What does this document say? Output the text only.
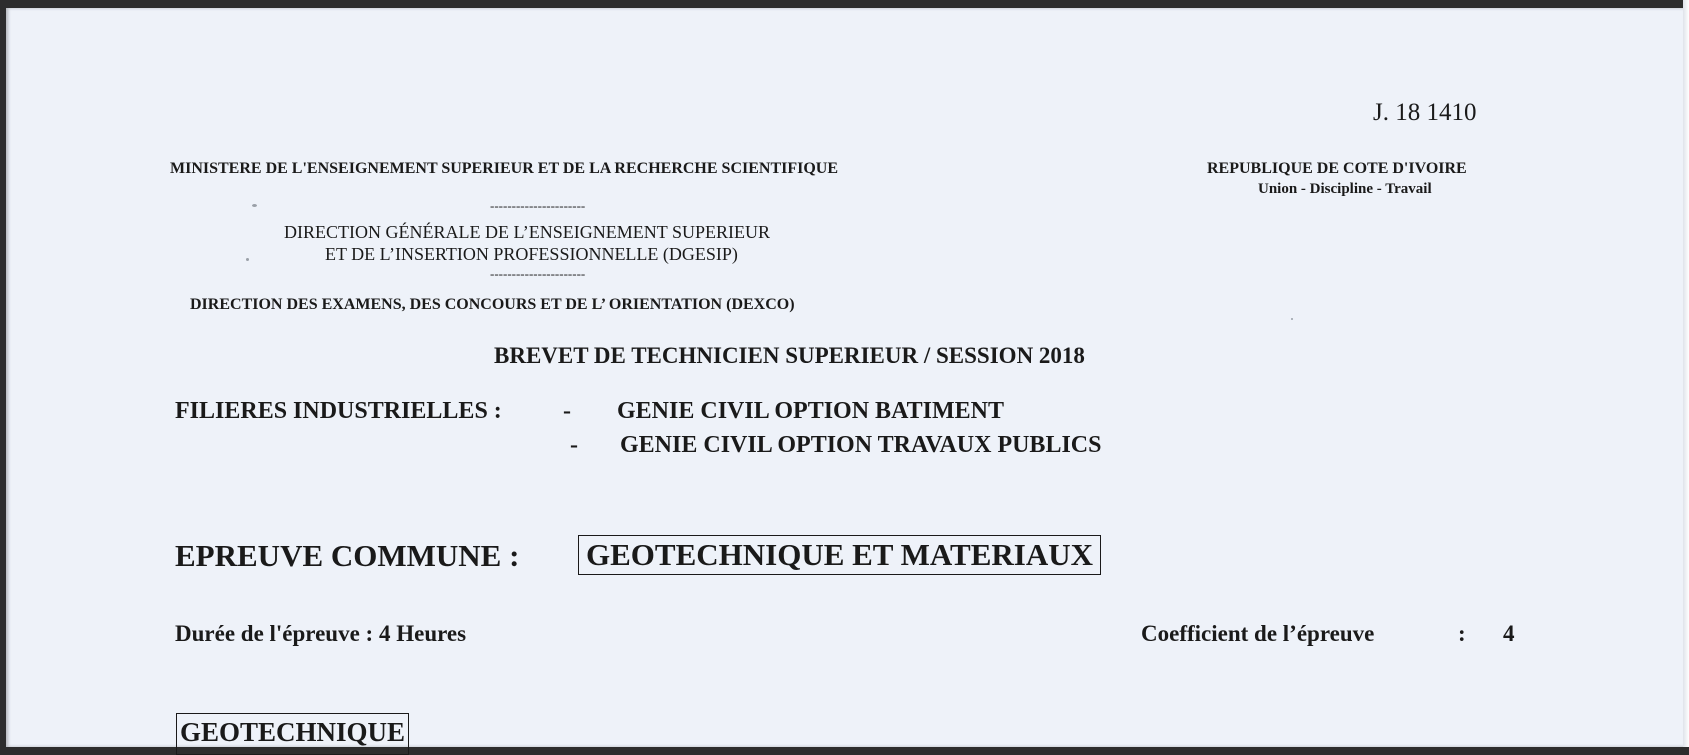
J. 18 1410
MINISTERE DE L'ENSEIGNEMENT SUPERIEUR ET DE LA RECHERCHE SCIENTIFIQUE	REPUBLIQUE DE COTE D'IVOIRE
Union - Discipline - Travail
----------------------
DIRECTION GÉNÉRALE DE L’ENSEIGNEMENT SUPERIEUR
ET DE L’INSERTION PROFESSIONNELLE (DGESIP)
----------------------
DIRECTION DES EXAMENS, DES CONCOURS ET DE L’ ORIENTATION (DEXCO)
BREVET DE TECHNICIEN SUPERIEUR / SESSION 2018
FILIERES INDUSTRIELLES :	- GENIE CIVIL OPTION BATIMENT
- GENIE CIVIL OPTION TRAVAUX PUBLICS
EPREUVE COMMUNE : GEOTECHNIQUE ET MATERIAUX
Durée de l'épreuve : 4 Heures	Coefficient de l’épreuve	: 4
GEOTECHNIQUE
